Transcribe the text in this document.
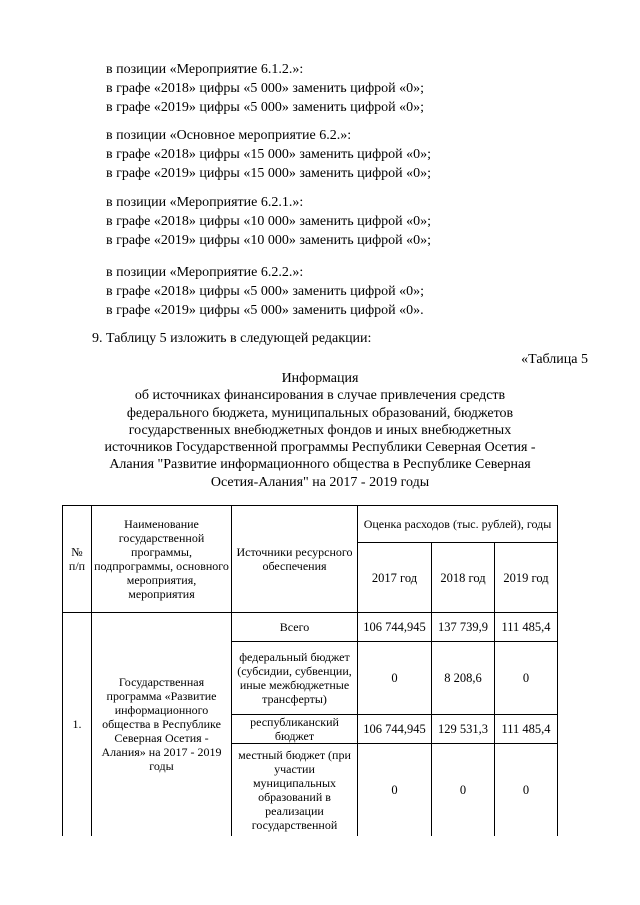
в позиции «Мероприятие 6.1.2.»:
в графе «2018» цифры «5 000» заменить цифрой «0»;
в графе «2019» цифры «5 000» заменить цифрой «0»;
в позиции «Основное мероприятие 6.2.»:
в графе «2018» цифры «15 000» заменить цифрой «0»;
в графе «2019» цифры «15 000» заменить цифрой «0»;
в позиции «Мероприятие 6.2.1.»:
в графе «2018» цифры «10 000» заменить цифрой «0»;
в графе «2019» цифры «10 000» заменить цифрой «0»;
в позиции «Мероприятие 6.2.2.»:
в графе «2018» цифры «5 000» заменить цифрой «0»;
в графе «2019» цифры «5 000» заменить цифрой «0».
9. Таблицу 5 изложить в следующей редакции:
«Таблица 5
Информация
об источниках финансирования в случае привлечения средств
федерального бюджета, муниципальных образований, бюджетов
государственных внебюджетных фондов и иных внебюджетных
источников Государственной программы Республики Северная Осетия -
Алания "Развитие информационного общества в Республике Северная
Осетия-Алания" на 2017 - 2019 годы
№ п/п	Наименование государственной программы, подпрограммы, основного мероприятия, мероприятия	Источники ресурсного обеспечения	Оценка расходов (тыс. рублей), годы		
			2017 год	2018 год	2019 год
1.	Государственная программа «Развитие информационного общества в Республике Северная Осетия - Алания» на 2017 - 2019 годы	Всего	106 744,945	137 739,9	111 485,4
		федеральный бюджет (субсидии, субвенции, иные межбюджетные трансферты)	0	8 208,6	0
		республиканский бюджет	106 744,945	129 531,3	111 485,4
		местный бюджет (при участии муниципальных образований в реализации государственной	0	0	0
